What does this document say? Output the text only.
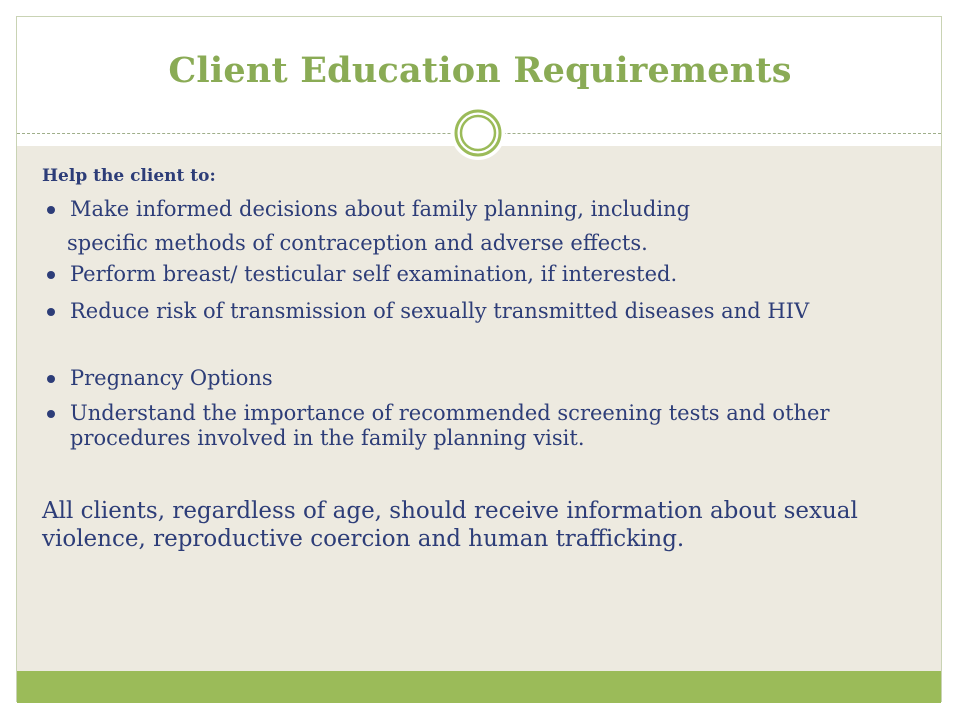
Client Education Requirements
Help the client to:
Make informed decisions about family planning, including
specific methods of contraception and adverse effects.
Perform breast/ testicular self examination, if interested.
Reduce risk of transmission of sexually transmitted diseases and HIV
Pregnancy Options
Understand the importance of recommended screening tests and other procedures involved in the family planning visit.
All clients, regardless of age, should receive information about sexual violence, reproductive coercion and human trafficking.
